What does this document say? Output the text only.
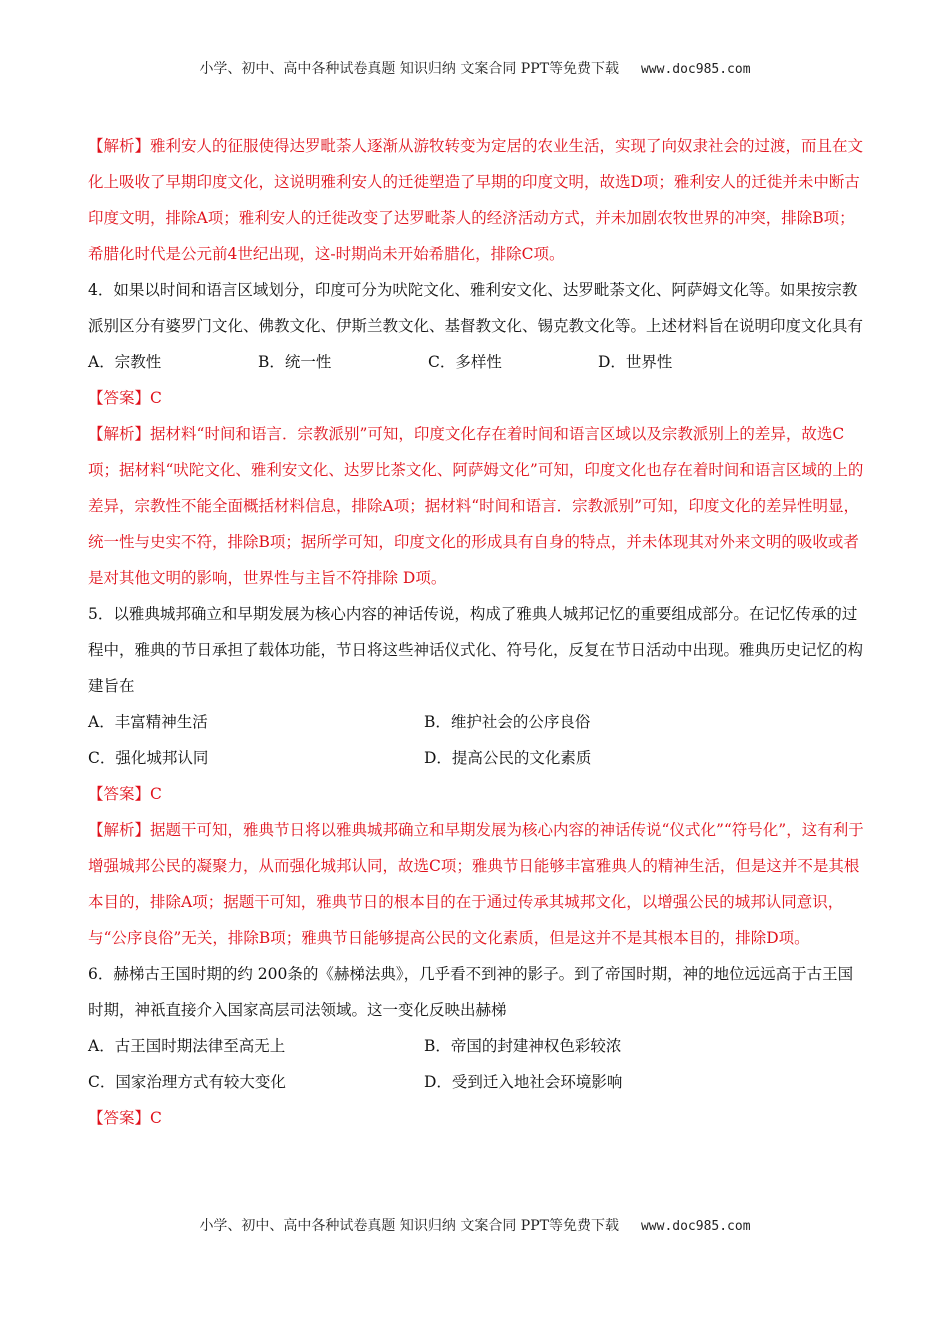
小学、初中、高中各种试卷真题 知识归纳 文案合同 PPT等免费下载 www.doc985.com

【解析】雅利安人的征服使得达罗毗荼人逐渐从游牧转变为定居的农业生活，实现了向奴隶社会的过渡，而且在文化上吸收了早期印度文化，这说明雅利安人的迁徙塑造了早期的印度文明，故选D项；雅利安人的迁徙并未中断古印度文明，排除A项；雅利安人的迁徙改变了达罗毗荼人的经济活动方式，并未加剧农牧世界的冲突，排除B项；希腊化时代是公元前4世纪出现，这-时期尚未开始希腊化，排除C项。

4．如果以时间和语言区域划分，印度可分为吠陀文化、雅利安文化、达罗毗荼文化、阿萨姆文化等。如果按宗教派别区分有婆罗门文化、佛教文化、伊斯兰教文化、基督教文化、锡克教文化等。上述材料旨在说明印度文化具有

A．宗教性	B．统一性	C．多样性	D．世界性

【答案】C

【解析】据材料“时间和语言．宗教派别”可知，印度文化存在着时间和语言区域以及宗教派别上的差异，故选C项；据材料“吠陀文化、雅利安文化、达罗比茶文化、阿萨姆文化”可知，印度文化也存在着时间和语言区域的上的差异，宗教性不能全面概括材料信息，排除A项；据材料“时间和语言．宗教派别”可知，印度文化的差异性明显，统一性与史实不符，排除B项；据所学可知，印度文化的形成具有自身的特点，并未体现其对外来文明的吸收或者是对其他文明的影响，世界性与主旨不符排除 D项。

5．以雅典城邦确立和早期发展为核心内容的神话传说，构成了雅典人城邦记忆的重要组成部分。在记忆传承的过程中，雅典的节日承担了载体功能，节日将这些神话仪式化、符号化，反复在节日活动中出现。雅典历史记忆的构建旨在

A．丰富精神生活	B．维护社会的公序良俗
C．强化城邦认同	D．提高公民的文化素质

【答案】C

【解析】据题干可知，雅典节日将以雅典城邦确立和早期发展为核心内容的神话传说“仪式化”“符号化”，这有利于增强城邦公民的凝聚力，从而强化城邦认同，故选C项；雅典节日能够丰富雅典人的精神生活，但是这并不是其根本目的，排除A项；据题干可知，雅典节日的根本目的在于通过传承其城邦文化，以增强公民的城邦认同意识，与“公序良俗”无关，排除B项；雅典节日能够提高公民的文化素质，但是这并不是其根本目的，排除D项。

6．赫梯古王国时期的约 200条的《赫梯法典》，几乎看不到神的影子。到了帝国时期，神的地位远远高于古王国时期，神祇直接介入国家高层司法领域。这一变化反映出赫梯

A．古王国时期法律至高无上	B．帝国的封建神权色彩较浓
C．国家治理方式有较大变化	D．受到迁入地社会环境影响

【答案】C

小学、初中、高中各种试卷真题 知识归纳 文案合同 PPT等免费下载 www.doc985.com
